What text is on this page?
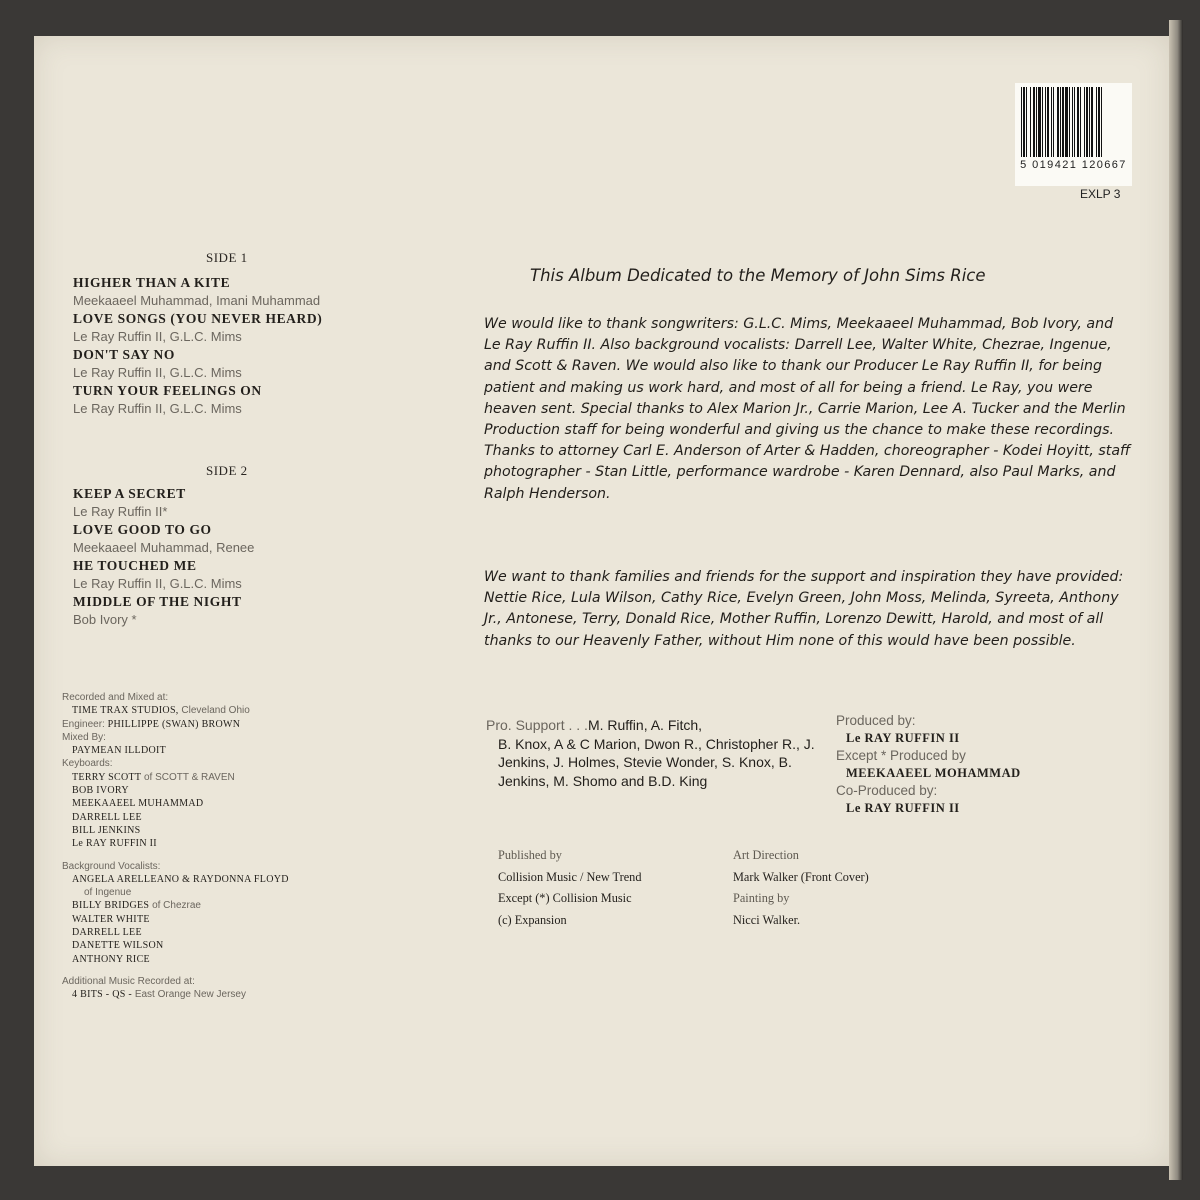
5 019421 120667
EXLP 3
SIDE 1
HIGHER THAN A KITE
Meekaaeel Muhammad, Imani Muhammad
LOVE SONGS (YOU NEVER HEARD)
Le Ray Ruffin II, G.L.C. Mims
DON'T SAY NO
Le Ray Ruffin II, G.L.C. Mims
TURN YOUR FEELINGS ON
Le Ray Ruffin II, G.L.C. Mims
SIDE 2
KEEP A SECRET
Le Ray Ruffin II*
LOVE GOOD TO GO
Meekaaeel Muhammad, Renee
HE TOUCHED ME
Le Ray Ruffin II, G.L.C. Mims
MIDDLE OF THE NIGHT
Bob Ivory *
Recorded and Mixed at:
TIME TRAX STUDIOS, Cleveland Ohio
Engineer: PHILLIPPE (SWAN) BROWN
Mixed By:
PAYMEAN ILLDOIT
Keyboards:
TERRY SCOTT of SCOTT & RAVEN
BOB IVORY
MEEKAAEEL MUHAMMAD
DARRELL LEE
BILL JENKINS
Le RAY RUFFIN II
Background Vocalists:
ANGELA ARELLEANO & RAYDONNA FLOYD
of Ingenue
BILLY BRIDGES of Chezrae
WALTER WHITE
DARRELL LEE
DANETTE WILSON
ANTHONY RICE
Additional Music Recorded at:
4 BITS - QS - East Orange New Jersey
This Album Dedicated to the Memory of John Sims Rice

We would like to thank songwriters: G.L.C. Mims, Meekaaeel Muhammad, Bob Ivory, and Le Ray Ruffin II. Also background vocalists: Darrell Lee, Walter White, Chezrae, Ingenue, and Scott & Raven. We would also like to thank our Producer Le Ray Ruffin II, for being patient and making us work hard, and most of all for being a friend. Le Ray, you were heaven sent. Special thanks to Alex Marion Jr., Carrie Marion, Lee A. Tucker and the Merlin Production staff for being wonderful and giving us the chance to make these recordings. Thanks to attorney Carl E. Anderson of Arter & Hadden, choreographer - Kodei Hoyitt, staff photographer - Stan Little, performance wardrobe - Karen Dennard, also Paul Marks, and Ralph Henderson.

We want to thank families and friends for the support and inspiration they have provided: Nettie Rice, Lula Wilson, Cathy Rice, Evelyn Green, John Moss, Melinda, Syreeta, Anthony Jr., Antonese, Terry, Donald Rice, Mother Ruffin, Lorenzo Dewitt, Harold, and most of all thanks to our Heavenly Father, without Him none of this would have been possible.

Pro. Support . . .M. Ruffin, A. Fitch,
B. Knox, A & C Marion, Dwon R., Christopher R., J. Jenkins, J. Holmes, Stevie Wonder, S. Knox, B. Jenkins, M. Shomo and B.D. King
Produced by:
Le RAY RUFFIN II
Except * Produced by
MEEKAAEEL MOHAMMAD
Co-Produced by:
Le RAY RUFFIN II
Published by
Collision Music / New Trend
Except (*) Collision Music
(c) Expansion
Art Direction
Mark Walker (Front Cover)
Painting by
Nicci Walker.
